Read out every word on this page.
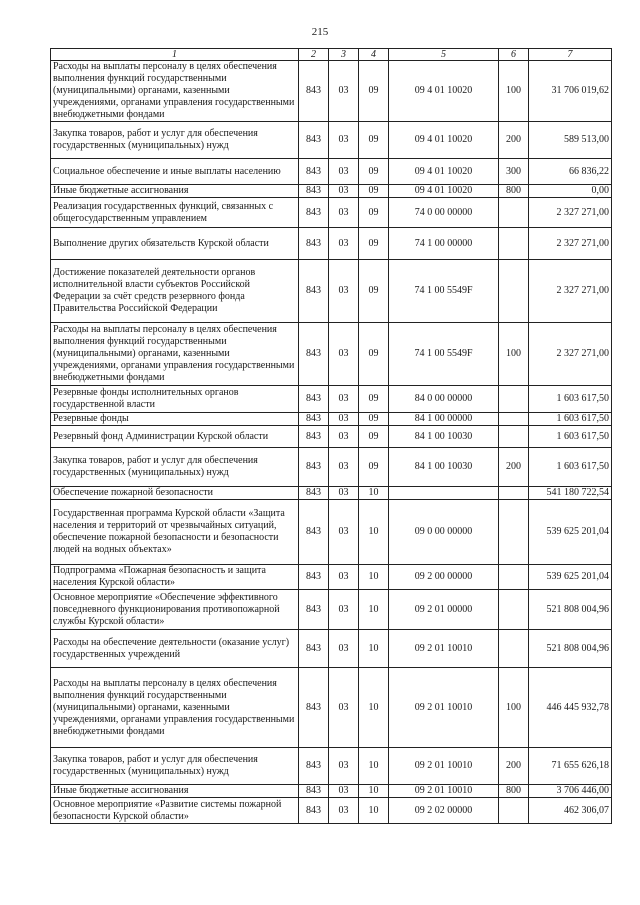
215
1	2	3	4	5	6	7
Расходы на выплаты персоналу в целях обеспечения выполнения функций государственными (муниципальными) органами, казенными учреждениями, органами управления государственными внебюджетными фондами	843	03	09	09 4 01 10020	100	31 706 019,62
Закупка товаров, работ и услуг для обеспечения государственных (муниципальных) нужд	843	03	09	09 4 01 10020	200	589 513,00
Социальное обеспечение и иные выплаты населению	843	03	09	09 4 01 10020	300	66 836,22
Иные бюджетные ассигнования	843	03	09	09 4 01 10020	800	0,00
Реализация государственных функций, связанных с общегосударственным управлением	843	03	09	74 0 00 00000		2 327 271,00
Выполнение других обязательств Курской области	843	03	09	74 1 00 00000		2 327 271,00
Достижение показателей деятельности органов исполнительной власти субъектов Российской Федерации за счёт средств резервного фонда Правительства Российской Федерации	843	03	09	74 1 00 5549F		2 327 271,00
Расходы на выплаты персоналу в целях обеспечения выполнения функций государственными (муниципальными) органами, казенными учреждениями, органами управления государственными внебюджетными фондами	843	03	09	74 1 00 5549F	100	2 327 271,00
Резервные фонды исполнительных органов государственной власти	843	03	09	84 0 00 00000		1 603 617,50
Резервные фонды	843	03	09	84 1 00 00000		1 603 617,50
Резервный фонд Администрации Курской области	843	03	09	84 1 00 10030		1 603 617,50
Закупка товаров, работ и услуг для обеспечения государственных (муниципальных) нужд	843	03	09	84 1 00 10030	200	1 603 617,50
Обеспечение пожарной безопасности	843	03	10			541 180 722,54
Государственная программа Курской области «Защита населения и территорий от чрезвычайных ситуаций, обеспечение пожарной безопасности и безопасности людей на водных объектах»	843	03	10	09 0 00 00000		539 625 201,04
Подпрограмма «Пожарная безопасность и защита населения Курской области»	843	03	10	09 2 00 00000		539 625 201,04
Основное мероприятие «Обеспечение эффективного повседневного функционирования противопожарной службы Курской области»	843	03	10	09 2 01 00000		521 808 004,96
Расходы на обеспечение деятельности (оказание услуг) государственных учреждений	843	03	10	09 2 01 10010		521 808 004,96
Расходы на выплаты персоналу в целях обеспечения выполнения функций государственными (муниципальными) органами, казенными учреждениями, органами управления государственными внебюджетными фондами	843	03	10	09 2 01 10010	100	446 445 932,78
Закупка товаров, работ и услуг для обеспечения государственных (муниципальных) нужд	843	03	10	09 2 01 10010	200	71 655 626,18
Иные бюджетные ассигнования	843	03	10	09 2 01 10010	800	3 706 446,00
Основное мероприятие «Развитие системы пожарной безопасности Курской области»	843	03	10	09 2 02 00000		462 306,07
